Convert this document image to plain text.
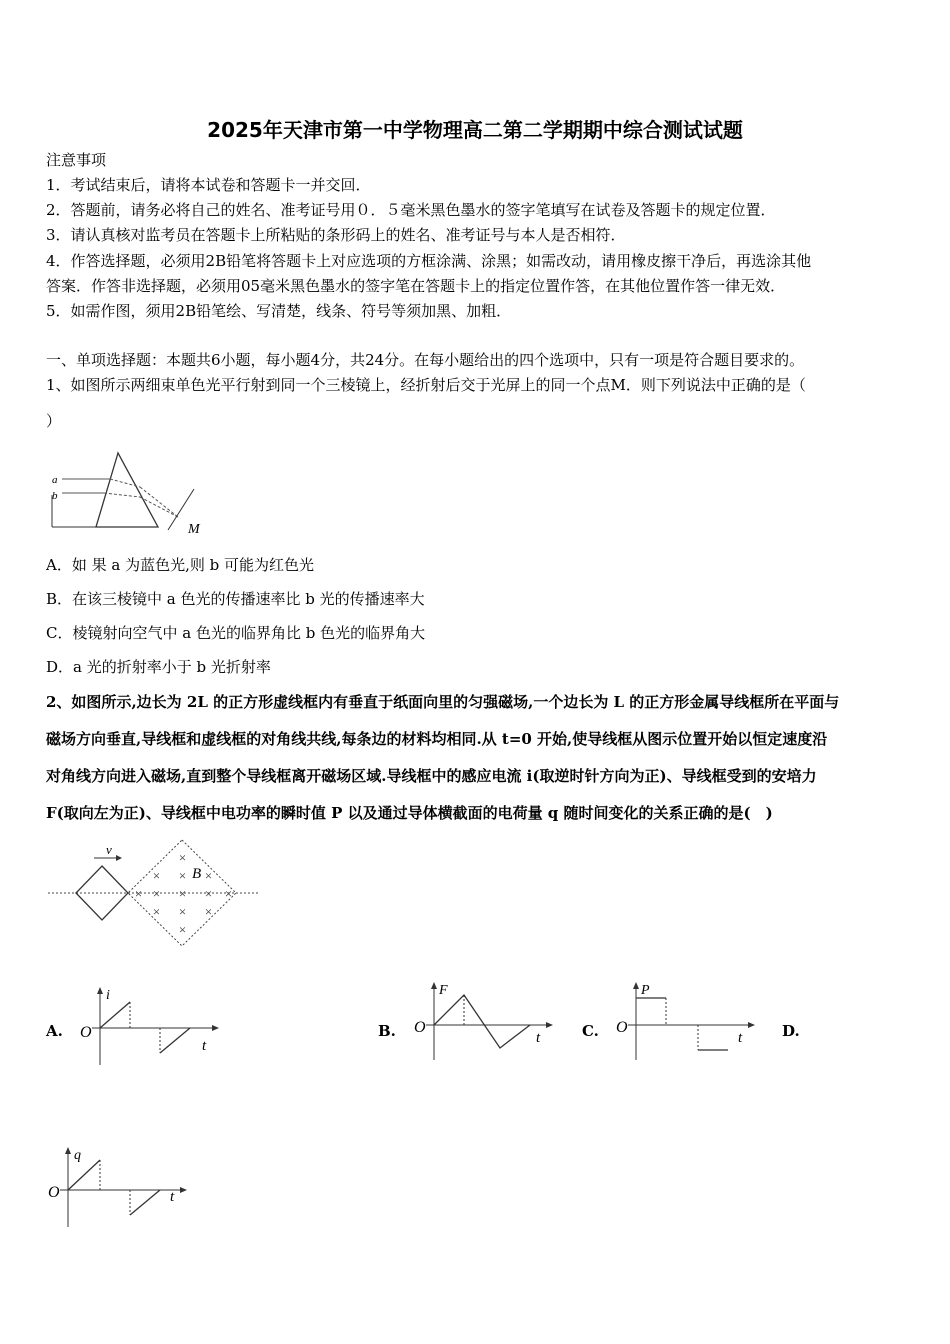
2025年天津市第一中学物理高二第二学期期中综合测试试题
注意事项
1．考试结束后，请将本试卷和答题卡一并交回．
2．答题前，请务必将自己的姓名、准考证号用０．５毫米黑色墨水的签字笔填写在试卷及答题卡的规定位置．
3．请认真核对监考员在答题卡上所粘贴的条形码上的姓名、准考证号与本人是否相符．
4．作答选择题，必须用2B铅笔将答题卡上对应选项的方框涂满、涂黑；如需改动，请用橡皮擦干净后，再选涂其他
答案．作答非选择题，必须用05毫米黑色墨水的签字笔在答题卡上的指定位置作答，在其他位置作答一律无效．
5．如需作图，须用2B铅笔绘、写清楚，线条、符号等须加黑、加粗．
一、单项选择题：本题共6小题，每小题4分，共24分。在每小题给出的四个选项中，只有一项是符合题目要求的。
1、如图所示两细束单色光平行射到同一个三棱镜上，经折射后交于光屏上的同一个点M．则下列说法中正确的是（
）
a
b
M
A．如 果 a 为蓝色光,则 b 可能为红色光
B．在该三棱镜中 a 色光的传播速率比 b 光的传播速率大
C．棱镜射向空气中 a 色光的临界角比 b 色光的临界角大
D．a 光的折射率小于 b 光折射率
2、如图所示,边长为 2L 的正方形虚线框内有垂直于纸面向里的匀强磁场,一个边长为 L 的正方形金属导线框所在平面与
磁场方向垂直,导线框和虚线框的对角线共线,每条边的材料均相同.从 t=0 开始,使导线框从图示位置开始以恒定速度沿
对角线方向进入磁场,直到整个导线框离开磁场区域.导线框中的感应电流 i(取逆时针方向为正)、导线框受到的安培力
F(取向左为正)、导线框中电功率的瞬时值 P 以及通过导体横截面的电荷量 q 随时间变化的关系正确的是(　)
v
×
× ×
× × × × ×
× × ×
×
×
B
A.	B.	C.	D.
O
i
t
O
F
t
O
P
t
O
q
t
